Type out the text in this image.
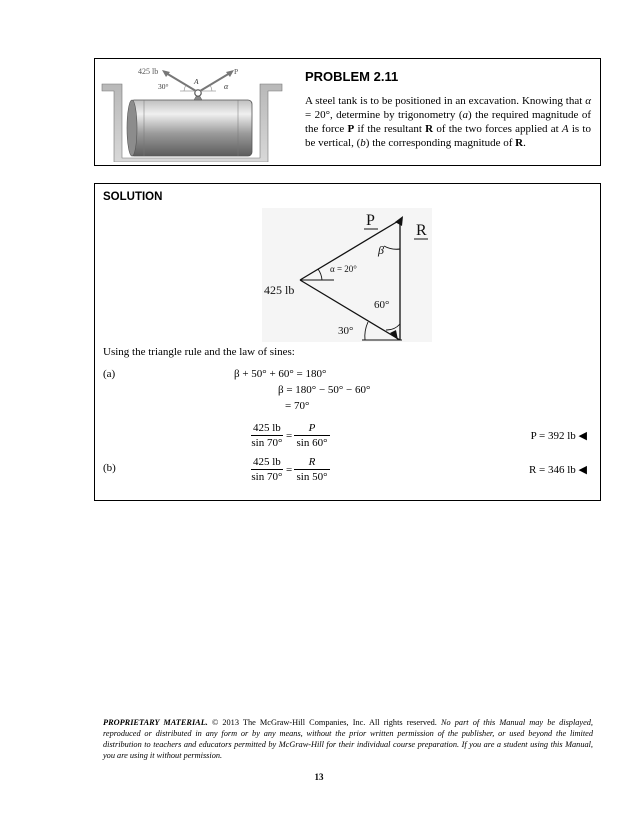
425 lb
30°
A
P
α
PROBLEM 2.11
A steel tank is to be positioned in an excavation. Knowing that α = 20°, determine by trigonometry (a) the required magnitude of the force P if the resultant R of the two forces applied at A is to be vertical, (b) the corresponding magnitude of R.
SOLUTION
P
R
β
α = 20°
425 lb
60°
30°
Using the triangle rule and the law of sines:
(a)	β + 50° + 60° = 180°
β = 180° − 50° − 60°
= 70°
$\frac{425 lb}{\sin 70^\circ} = \frac{P}{\sin 60^\circ}$	P = 392 lb ◀
(b)	$\frac{425 lb}{\sin 70^\circ} = \frac{R}{\sin 50^\circ}$	R = 346 lb ◀
PROPRIETARY MATERIAL. © 2013 The McGraw-Hill Companies, Inc. All rights reserved. No part of this Manual may be displayed, reproduced or distributed in any form or by any means, without the prior written permission of the publisher, or used beyond the limited distribution to teachers and educators permitted by McGraw-Hill for their individual course preparation. If you are a student using this Manual, you are using it without permission.
13
